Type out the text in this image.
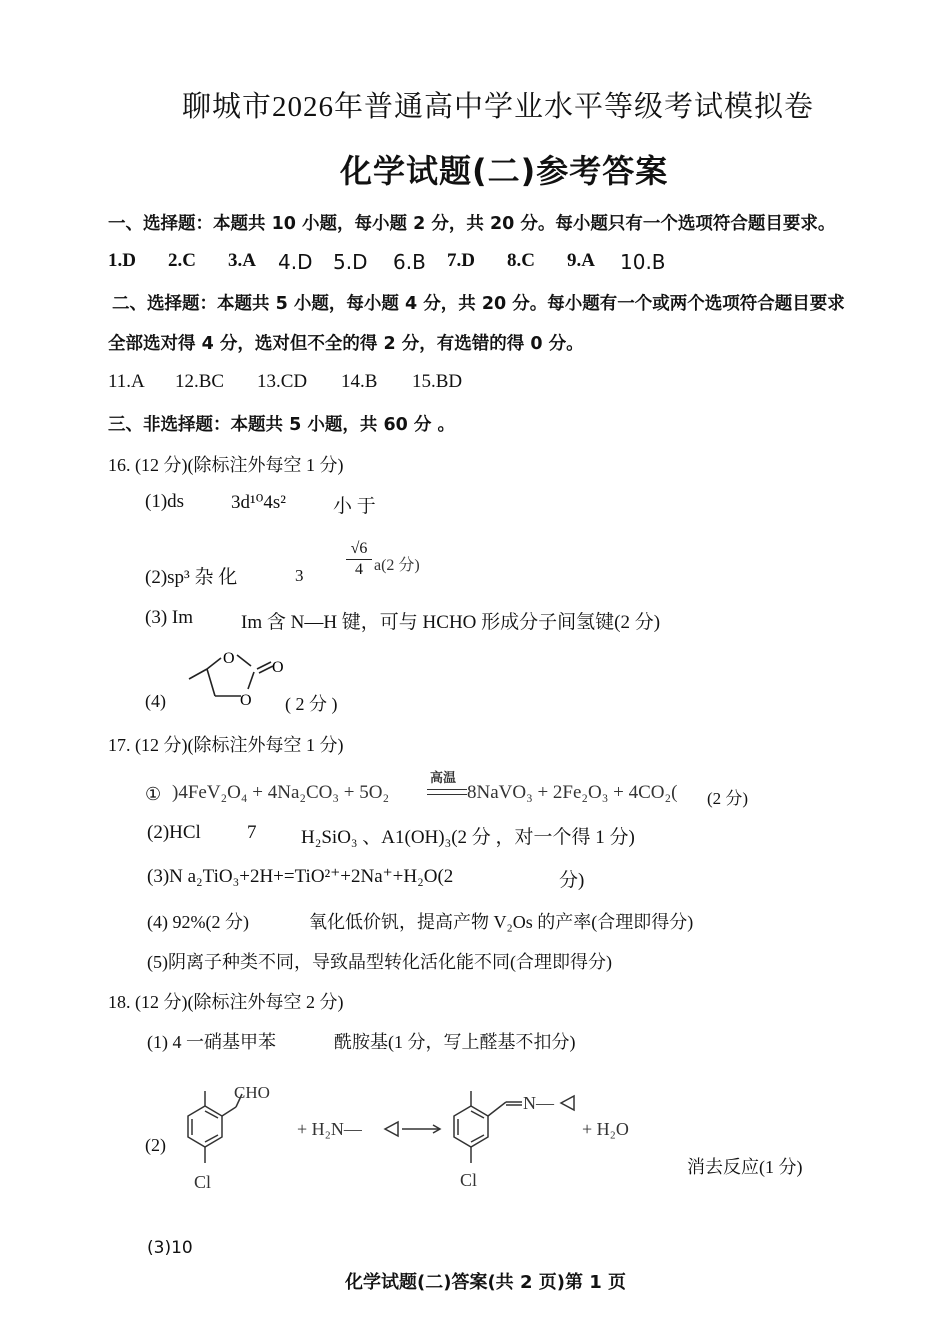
聊城市2026年普通高中学业水平等级考试模拟卷
化学试题(二)参考答案
一、选择题：本题共 10 小题，每小题 2 分，共 20 分。每小题只有一个选项符合题目要求。
1.D 2.C 3.A 4.D 5.D 6.B 7.D 8.C 9.A 10.B
二、选择题：本题共 5 小题，每小题 4 分，共 20 分。每小题有一个或两个选项符合题目要求
全部选对得 4 分，选对但不全的得 2 分，有选错的得 0 分。
11.A 12.BC 13.CD 14.B 15.BD
三、非选择题：本题共 5 小题，共 60 分 。
16. (12 分)(除标注外每空 1 分)
(1)ds 3d¹⁰4s² 小 于
(2)sp³ 杂 化	3
√6
4 a(2 分)
(3) Im	Im 含 N—H 键，可与 HCHO 形成分子间氢键(2 分)
(4)
O
O
O
( 2 分 )
17. (12 分)(除标注外每空 1 分)
① )4FeV₂O₄ + 4Na₂CO₃ + 5O₂
高温
8NaVO₃ + 2Fe₂O₃ + 4CO₂( (2 分)
(2)HCl 7 H₂SiO₃ 、A1(OH)₃(2 分 ，对一个得 1 分)
(3)N a₂TiO₃+2H+=TiO²⁺+2Na⁺+H₂O(2	分)
(4) 92%(2 分)	氧化低价钒，提高产物 V₂Os 的产率(合理即得分)
(5)阴离子种类不同，导致晶型转化活化能不同(合理即得分)
18. (12 分)(除标注外每空 2 分)
(1) 4 一硝基甲苯	酰胺基(1 分，写上醛基不扣分)
(2)
CHO
Cl
+ H₂N—
N—
Cl
+ H₂O
消去反应(1 分)
(3)10
化学试题(二)答案(共 2 页)第 1 页
